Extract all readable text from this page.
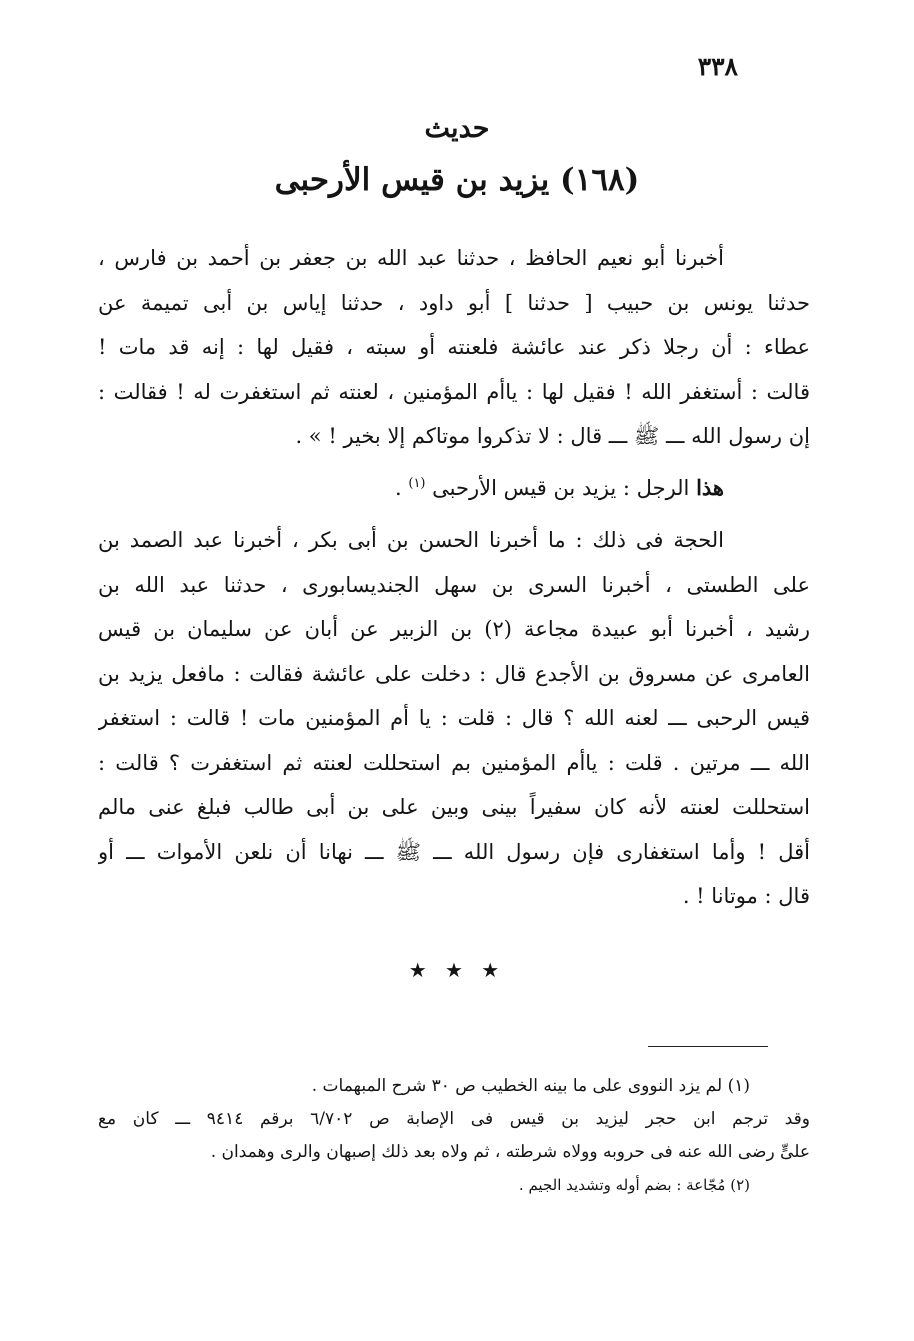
٣٣٨
حديث
(١٦٨) يزيد بن قيس الأرحبى
أخبرنا أبو نعيم الحافظ ، حدثنا عبد الله بن جعفر بن أحمد بن فارس ،
حدثنا يونس بن حبيب [ حدثنا ] أبو داود ، حدثنا إياس بن أبى تميمة عن
عطاء : أن رجلا ذكر عند عائشة فلعنته أو سبته ، فقيل لها : إنه قد مات !
قالت : أستغفر الله ! فقيل لها : ياأم المؤمنين ، لعنته ثم استغفرت له ! فقالت :
إن رسول الله ـــ ﷺ ـــ قال : لا تذكروا موتاكم إلا بخير ! » .
هذا الرجل : يزيد بن قيس الأرحبى $^{(١)}$ .
الحجة فى ذلك : ما أخبرنا الحسن بن أبى بكر ، أخبرنا عبد الصمد بن
على الطستى ، أخبرنا السرى بن سهل الجنديسابورى ، حدثنا عبد الله بن
رشيد ، أخبرنا أبو عبيدة مجاعة (٢) بن الزبير عن أبان عن سليمان بن قيس
العامرى عن مسروق بن الأجدع قال : دخلت على عائشة فقالت : مافعل يزيد بن
قيس الرحبى ـــ لعنه الله ؟ قال : قلت : يا أم المؤمنين مات ! قالت : استغفر
الله ـــ مرتين . قلت : ياأم المؤمنين بم استحللت لعنته ثم استغفرت ؟ قالت :
استحللت لعنته لأنه كان سفيراً بينى وبين على بن أبى طالب فبلغ عنى مالم
أقل ! وأما استغفارى فإن رسول الله ـــ ﷺ ـــ نهانا أن نلعن الأموات ـــ أو
قال : موتانا ! .
★ ★ ★
(١) لم يزد النووى على ما بينه الخطيب ص ٣٠ شرح المبهمات .
وقد ترجم ابن حجر ليزيد بن قيس فى الإصابة ص ٦/٧٠٢ برقم ٩٤١٤ ـــ كان مع
علىٍّ رضى الله عنه فى حروبه وولاه شرطته ، ثم ولاه بعد ذلك إصبهان والرى وهمدان .
(٢) مُجّاعة : بضم أوله وتشديد الجيم .
